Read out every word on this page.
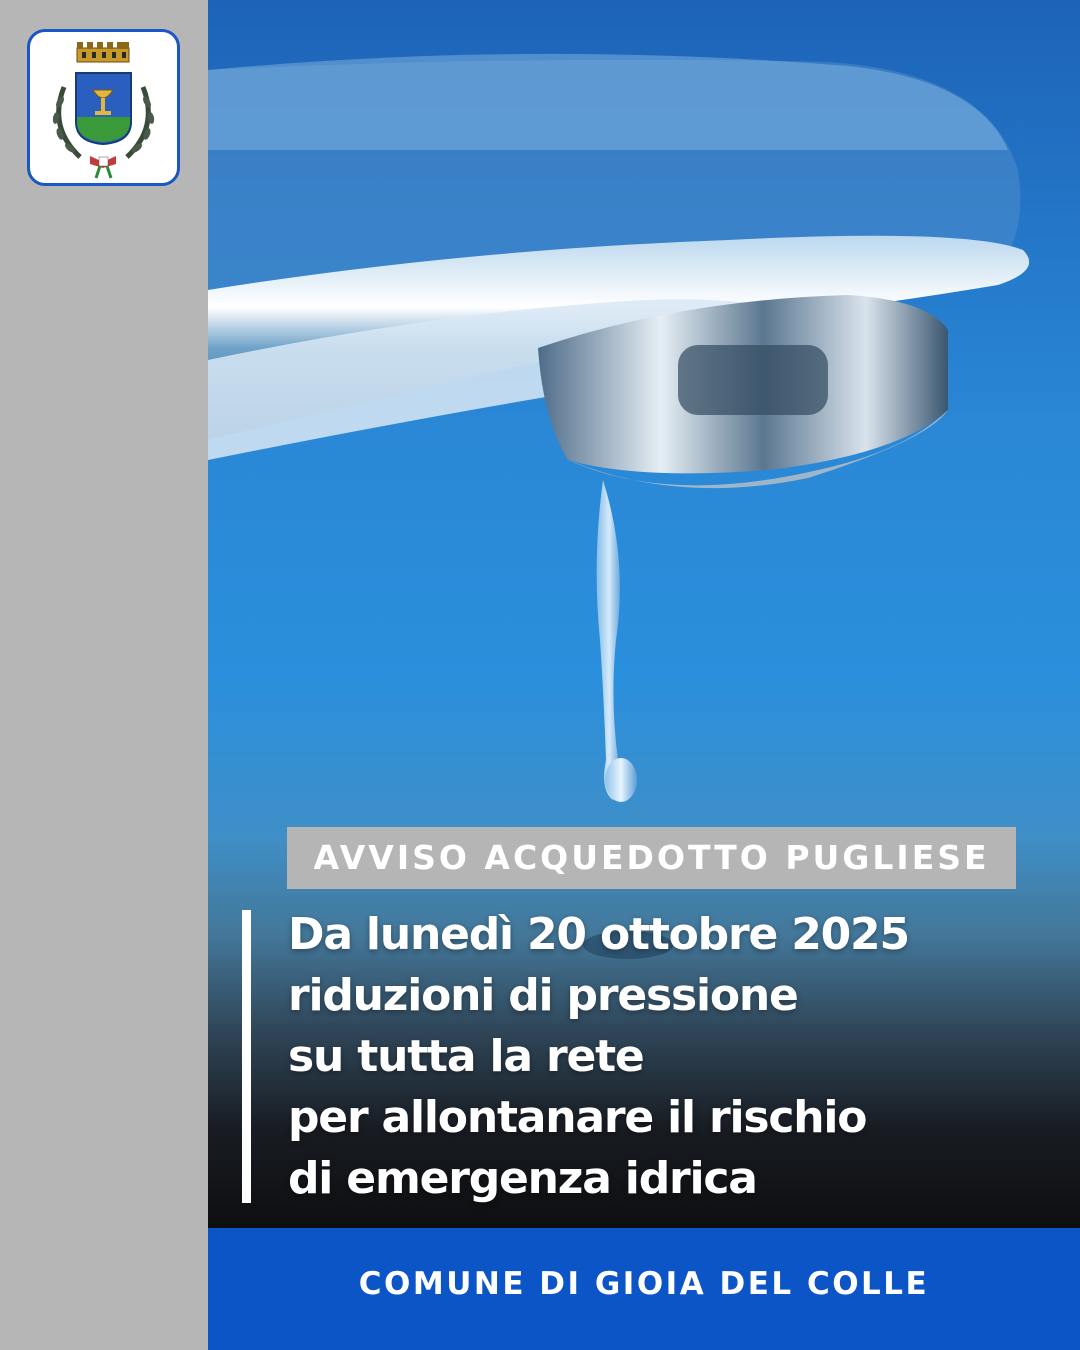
AVVISO ACQUEDOTTO PUGLIESE
Da lunedì 20 ottobre 2025
riduzioni di pressione
su tutta la rete
per allontanare il rischio
di emergenza idrica
COMUNE DI GIOIA DEL COLLE
